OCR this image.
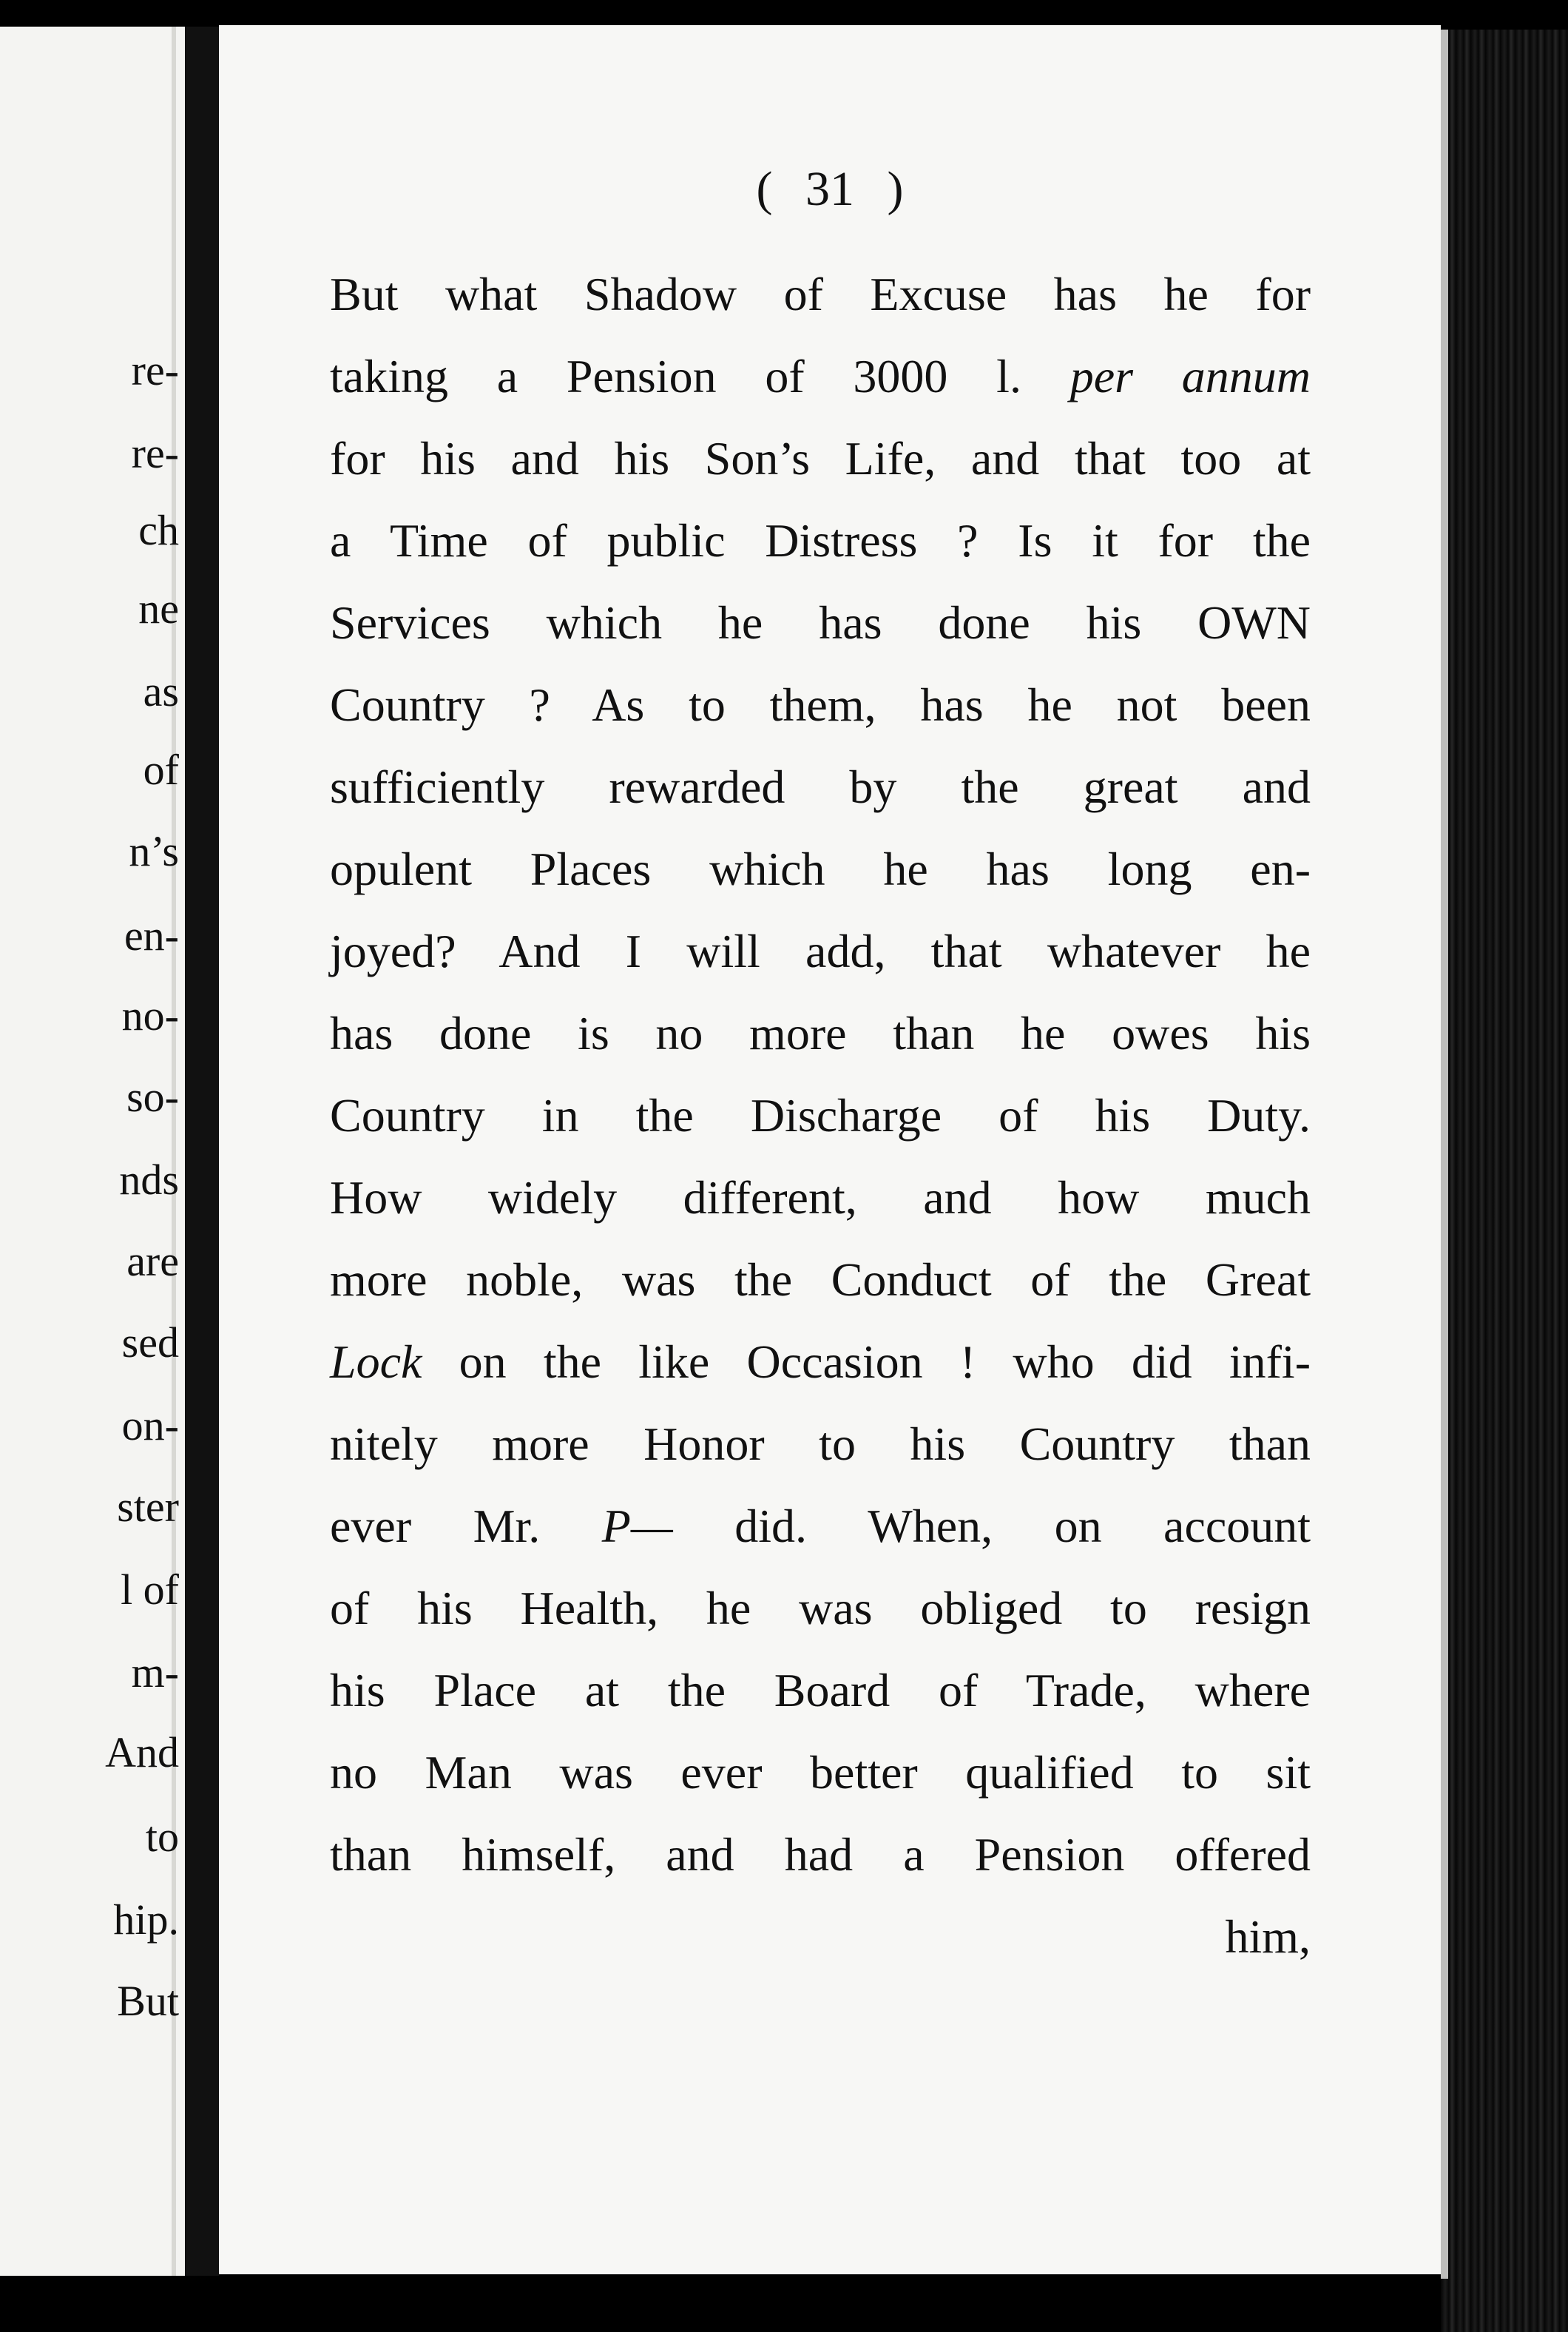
re-
re-
ch
ne
as
of
n’s
en-
no-
so-
nds
are
sed
on-
ster
l of
m-
And
to
hip.
But
( 31 )
But what Shadow of Excuse has he for
taking a Pension of 3000 l. per annum
for his and his Son’s Life, and that too at
a Time of public Distress ? Is it for the
Services which he has done his OWN
Country ? As to them, has he not been
sufficiently rewarded by the great and
opulent Places which he has long en-
joyed? And I will add, that whatever he
has done is no more than he owes his
Country in the Discharge of his Duty.
How widely different, and how much
more noble, was the Conduct of the Great
Lock on the like Occasion ! who did infi-
nitely more Honor to his Country than
ever Mr. P— did. When, on account
of his Health, he was obliged to resign
his Place at the Board of Trade, where
no Man was ever better qualified to sit
than himself, and had a Pension offered
him,
